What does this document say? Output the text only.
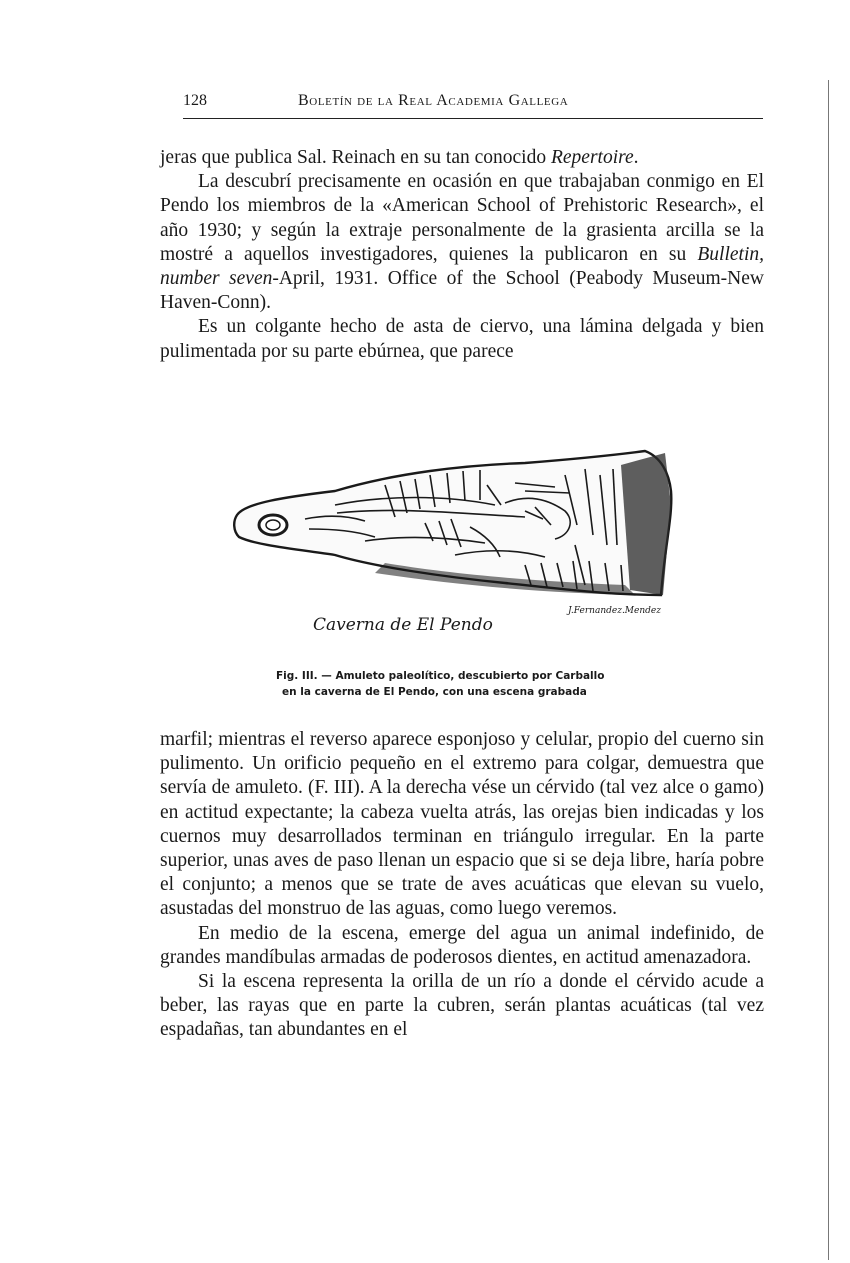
128	Boletín de la Real Academia Gallega

jeras que publica Sal. Reinach en su tan conocido Repertoire.

La descubrí precisamente en ocasión en que trabajaban conmigo en El Pendo los miembros de la «American School of Prehistoric Research», el año 1930; y según la extraje personalmente de la grasienta arcilla se la mostré a aquellos investigadores, quienes la publicaron en su Bulletin, number seven-April, 1931. Office of the School (Peabody Museum-New Haven-Conn).

Es un colgante hecho de asta de ciervo, una lámina delgada y bien pulimentada por su parte ebúrnea, que parece

Caverna de El Pendo
J.Fernandez.Mendez
Fig. III. — Amuleto paleolítico, descubierto por Carballo
en la caverna de El Pendo, con una escena grabada

marfil; mientras el reverso aparece esponjoso y celular, propio del cuerno sin pulimento. Un orificio pequeño en el extremo para colgar, demuestra que servía de amuleto. (F. III). A la derecha vése un cérvido (tal vez alce o gamo) en actitud expectante; la cabeza vuelta atrás, las orejas bien indicadas y los cuernos muy desarrollados terminan en triángulo irregular. En la parte superior, unas aves de paso llenan un espacio que si se deja libre, haría pobre el conjunto; a menos que se trate de aves acuáticas que elevan su vuelo, asustadas del monstruo de las aguas, como luego veremos.

En medio de la escena, emerge del agua un animal indefinido, de grandes mandíbulas armadas de poderosos dientes, en actitud amenazadora.

Si la escena representa la orilla de un río a donde el cérvido acude a beber, las rayas que en parte la cubren, serán plantas acuáticas (tal vez espadañas, tan abundantes en el
